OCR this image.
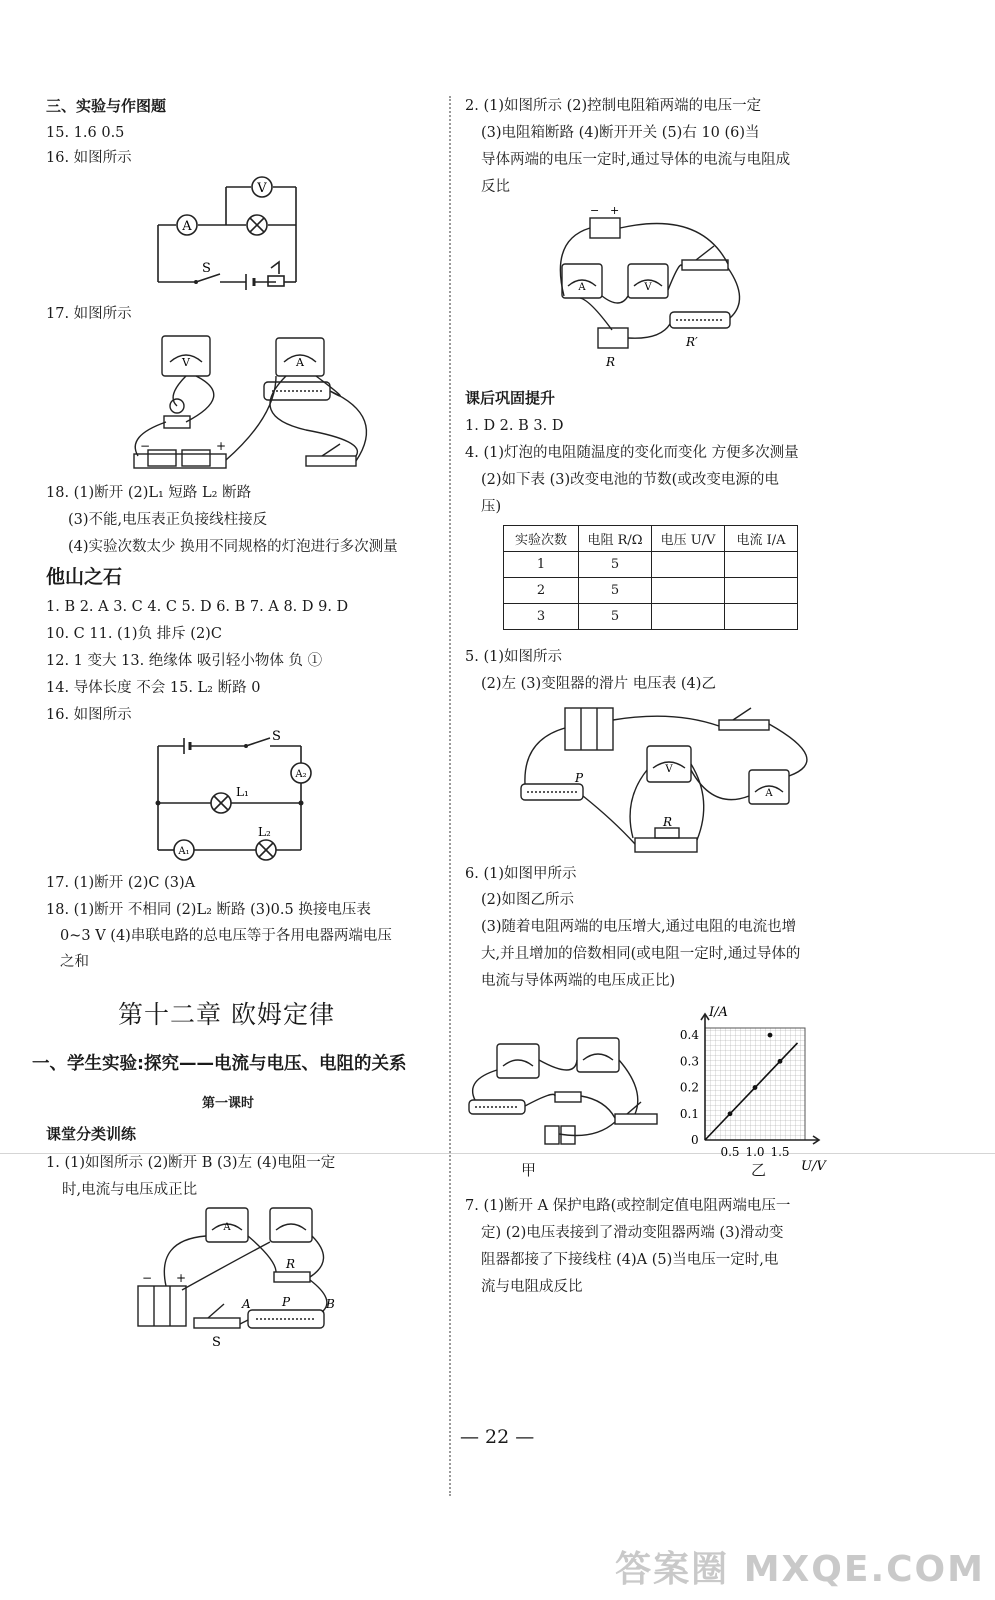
三、实验与作图题
15. 1.6 0.5
16. 如图所示
A
V
S
17. 如图所示
V	A
−	+
18. (1)断开 (2)L₁ 短路 L₂ 断路
(3)不能,电压表正负接线柱接反
(4)实验次数太少 换用不同规格的灯泡进行多次测量
他山之石
1. B 2. A 3. C 4. C 5. D 6. B 7. A 8. D 9. D
10. C 11. (1)负 排斥 (2)C
12. 1 变大 13. 绝缘体 吸引轻小物体 负 ①
14. 导体长度 不会 15. L₂ 断路 0
16. 如图所示
S
A₂
A₁
L₁
L₂
17. (1)断开 (2)C (3)A
18. (1)断开 不相同 (2)L₂ 断路 (3)0.5 换接电压表
0~3 V (4)串联电路的总电压等于各用电器两端电压
之和
第十二章 欧姆定律
一、学生实验:探究——电流与电压、电阻的关系
第一课时
课堂分类训练
1. (1)如图所示 (2)断开 B (3)左 (4)电阻一定
时,电流与电压成正比
A
R
A	P	B
S
− +
2. (1)如图所示 (2)控制电阻箱两端的电压一定
(3)电阻箱断路 (4)断开开关 (5)右 10 (6)当
导体两端的电压一定时,通过导体的电流与电阻成
反比
A	V
R
R′
− +
课后巩固提升
1. D 2. B 3. D
4. (1)灯泡的电阻随温度的变化而变化 方便多次测量
(2)如下表 (3)改变电池的节数(或改变电源的电
压)
实验次数	电阻 R/Ω	电压 U/V	电流 I/A
1	5		
2	5		
3	5		
5. (1)如图所示
(2)左 (3)变阻器的滑片 电压表 (4)乙
P
V
A
R
6. (1)如图甲所示
(2)如图乙所示
(3)随着电阻两端的电压增大,通过电阻的电流也增
大,并且增加的倍数相同(或电阻一定时,通过导体的
电流与导体两端的电压成正比)
0.5 1.0 1.5
0.4
0.3
0.2
0.1
I/A
U/V
0
甲	乙
7. (1)断开 A 保护电路(或控制定值电阻两端电压一
定) (2)电压表接到了滑动变阻器两端 (3)滑动变
阻器都接了下接线柱 (4)A (5)当电压一定时,电
流与电阻成反比
— 22 —
答案圈 MXQE.COM
